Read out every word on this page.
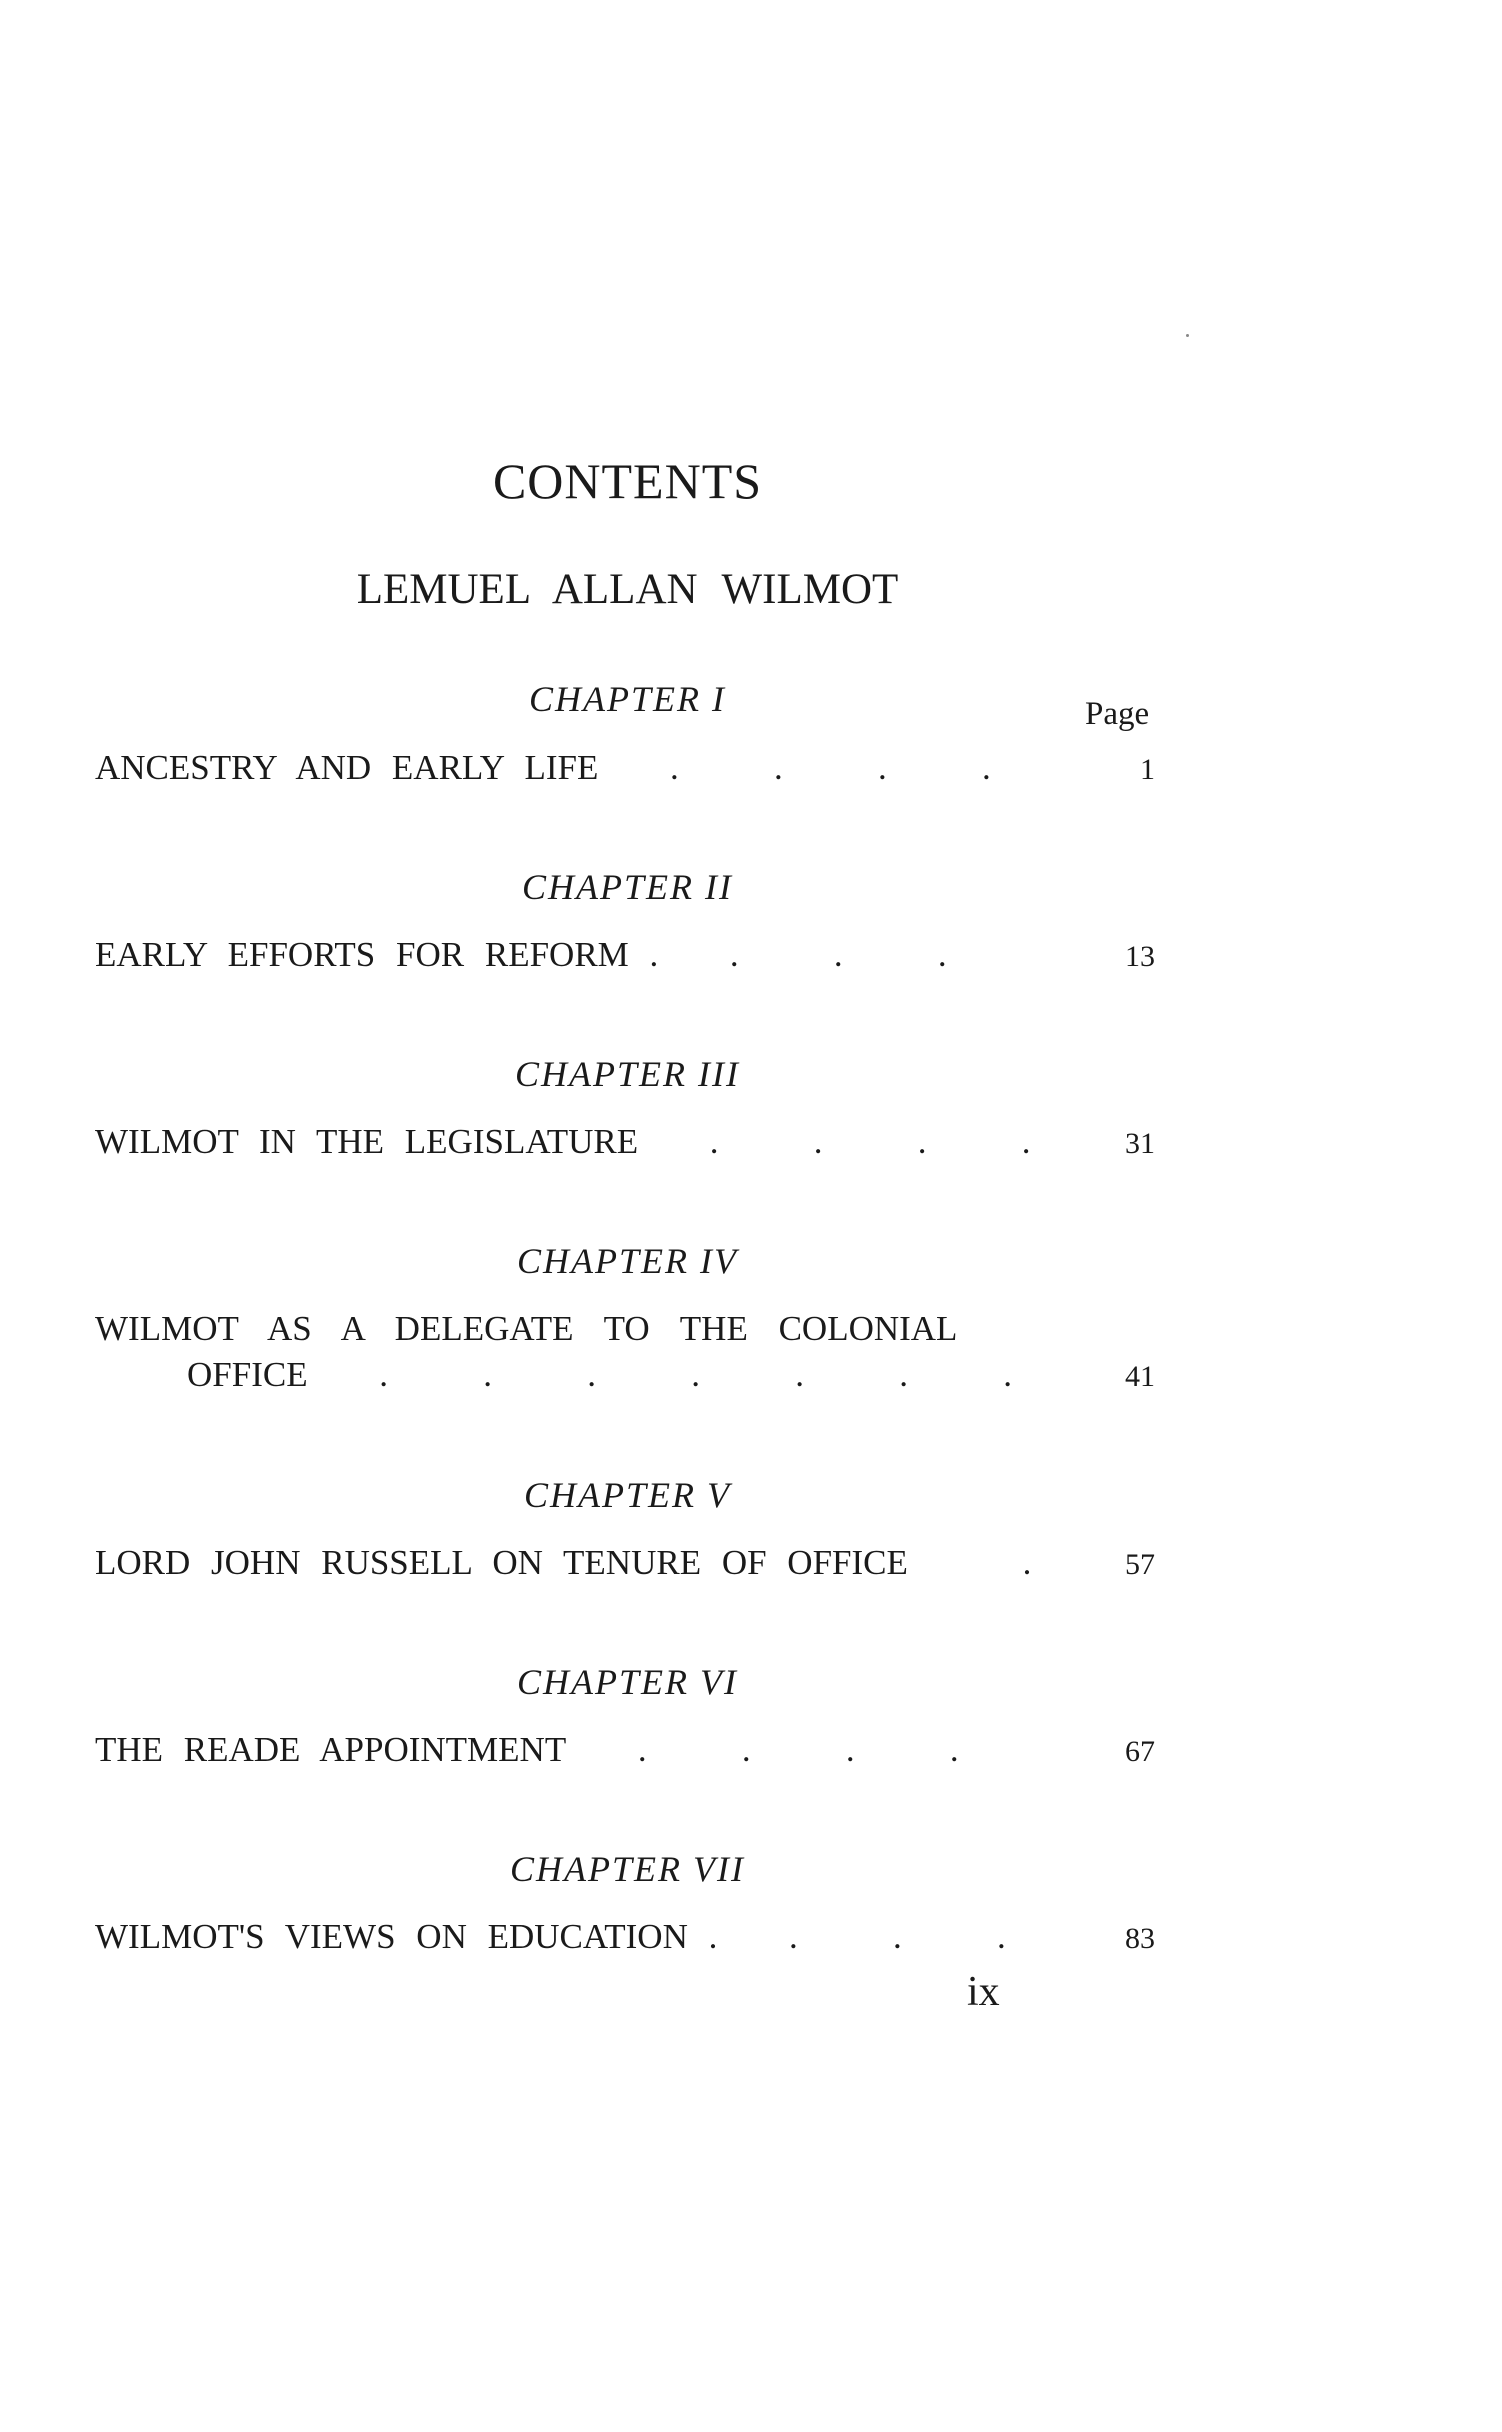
CONTENTS
LEMUEL ALLAN WILMOT
CHAPTER I	Page
ANCESTRY AND EARLY LIFE	.	.	.	.	1
CHAPTER II
EARLY EFFORTS FOR REFORM .	.	.	.	13
CHAPTER III
WILMOT IN THE LEGISLATURE	.	.	.	.	31
CHAPTER IV
WILMOT AS A DELEGATE TO THE COLONIAL
OFFICE	.	.	.	.	.	.	.	41
CHAPTER V
LORD JOHN RUSSELL ON TENURE OF OFFICE	.	57
CHAPTER VI
THE READE APPOINTMENT	.	.	.	.	67
CHAPTER VII
WILMOT'S VIEWS ON EDUCATION .	.	.	.	83
ix
